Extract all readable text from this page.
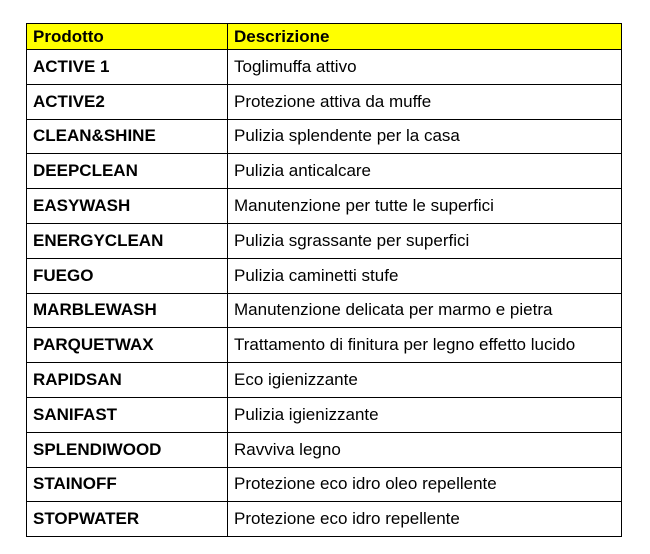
Prodotto	Descrizione
ACTIVE 1	Toglimuffa attivo
ACTIVE2	Protezione attiva da muffe
CLEAN&SHINE	Pulizia splendente per la casa
DEEPCLEAN	Pulizia anticalcare
EASYWASH	Manutenzione per tutte le superfici
ENERGYCLEAN	Pulizia sgrassante per superfici
FUEGO	Pulizia caminetti stufe
MARBLEWASH	Manutenzione delicata per marmo e pietra
PARQUETWAX	Trattamento di finitura per legno effetto lucido
RAPIDSAN	Eco igienizzante
SANIFAST	Pulizia igienizzante
SPLENDIWOOD	Ravviva legno
STAINOFF	Protezione eco idro oleo repellente
STOPWATER	Protezione eco idro repellente
